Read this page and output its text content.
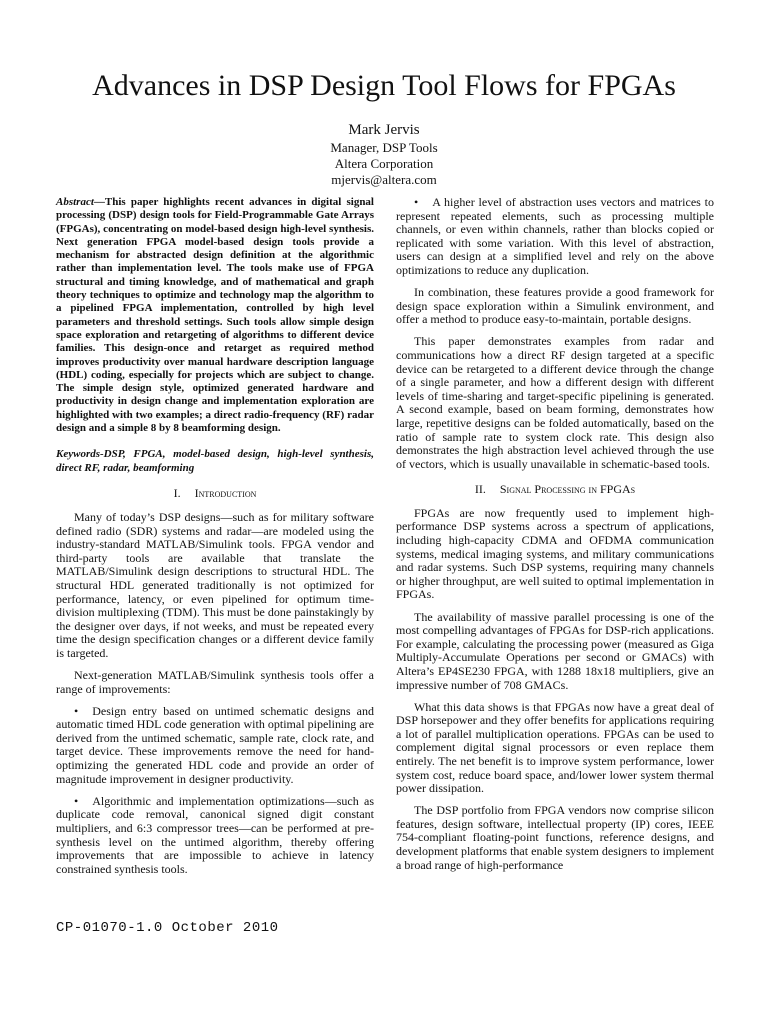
Advances in DSP Design Tool Flows for FPGAs
Mark Jervis
Manager, DSP Tools
Altera Corporation
mjervis@altera.com

Abstract—This paper highlights recent advances in digital signal processing (DSP) design tools for Field-Programmable Gate Arrays (FPGAs), concentrating on model-based design high-level synthesis. Next generation FPGA model-based design tools provide a mechanism for abstracted design definition at the algorithmic rather than implementation level. The tools make use of FPGA structural and timing knowledge, and of mathematical and graph theory techniques to optimize and technology map the algorithm to a pipelined FPGA implementation, controlled by high level parameters and threshold settings. Such tools allow simple design space exploration and retargeting of algorithms to different device families. This design-once and retarget as required method improves productivity over manual hardware description language (HDL) coding, especially for projects which are subject to change. The simple design style, optimized generated hardware and productivity in design change and implementation exploration are highlighted with two examples; a direct radio-frequency (RF) radar design and a simple 8 by 8 beamforming design.

Keywords-DSP, FPGA, model-based design, high-level synthesis, direct RF, radar, beamforming

I. Introduction

Many of today’s DSP designs—such as for military software defined radio (SDR) systems and radar—are modeled using the industry-standard MATLAB/Simulink tools. FPGA vendor and third-party tools are available that translate the MATLAB/Simulink design descriptions to structural HDL. The structural HDL generated traditionally is not optimized for performance, latency, or even pipelined for optimum time-division multiplexing (TDM). This must be done painstakingly by the designer over days, if not weeks, and must be repeated every time the design specification changes or a different device family is targeted.

Next-generation MATLAB/Simulink synthesis tools offer a range of improvements:

• Design entry based on untimed schematic designs and automatic timed HDL code generation with optimal pipelining are derived from the untimed schematic, sample rate, clock rate, and target device. These improvements remove the need for hand-optimizing the generated HDL code and provide an order of magnitude improvement in designer productivity.

• Algorithmic and implementation optimizations—such as duplicate code removal, canonical signed digit constant multipliers, and 6:3 compressor trees—can be performed at pre-synthesis level on the untimed algorithm, thereby offering improvements that are impossible to achieve in latency constrained synthesis tools.

• A higher level of abstraction uses vectors and matrices to represent repeated elements, such as processing multiple channels, or even within channels, rather than blocks copied or replicated with some variation. With this level of abstraction, users can design at a simplified level and rely on the above optimizations to reduce any duplication.

In combination, these features provide a good framework for design space exploration within a Simulink environment, and offer a method to produce easy-to-maintain, portable designs.

This paper demonstrates examples from radar and communications how a direct RF design targeted at a specific device can be retargeted to a different device through the change of a single parameter, and how a different design with different levels of time-sharing and target-specific pipelining is generated. A second example, based on beam forming, demonstrates how large, repetitive designs can be folded automatically, based on the ratio of sample rate to system clock rate. This design also demonstrates the high abstraction level achieved through the use of vectors, which is usually unavailable in schematic-based tools.

II. Signal Processing in FPGAs

FPGAs are now frequently used to implement high-performance DSP systems across a spectrum of applications, including high-capacity CDMA and OFDMA communication systems, medical imaging systems, and military communications and radar systems. Such DSP systems, requiring many channels or higher throughput, are well suited to optimal implementation in FPGAs.

The availability of massive parallel processing is one of the most compelling advantages of FPGAs for DSP-rich applications. For example, calculating the processing power (measured as Giga Multiply-Accumulate Operations per second or GMACs) with Altera’s EP4SE230 FPGA, with 1288 18x18 multipliers, give an impressive number of 708 GMACs.

What this data shows is that FPGAs now have a great deal of DSP horsepower and they offer benefits for applications requiring a lot of parallel multiplication operations. FPGAs can be used to complement digital signal processors or even replace them entirely. The net benefit is to improve system performance, lower system cost, reduce board space, and/lower lower system thermal power dissipation.

The DSP portfolio from FPGA vendors now comprise silicon features, design software, intellectual property (IP) cores, IEEE 754-compliant floating-point functions, reference designs, and development platforms that enable system designers to implement a broad range of high-performance

CP-01070-1.0 October 2010
